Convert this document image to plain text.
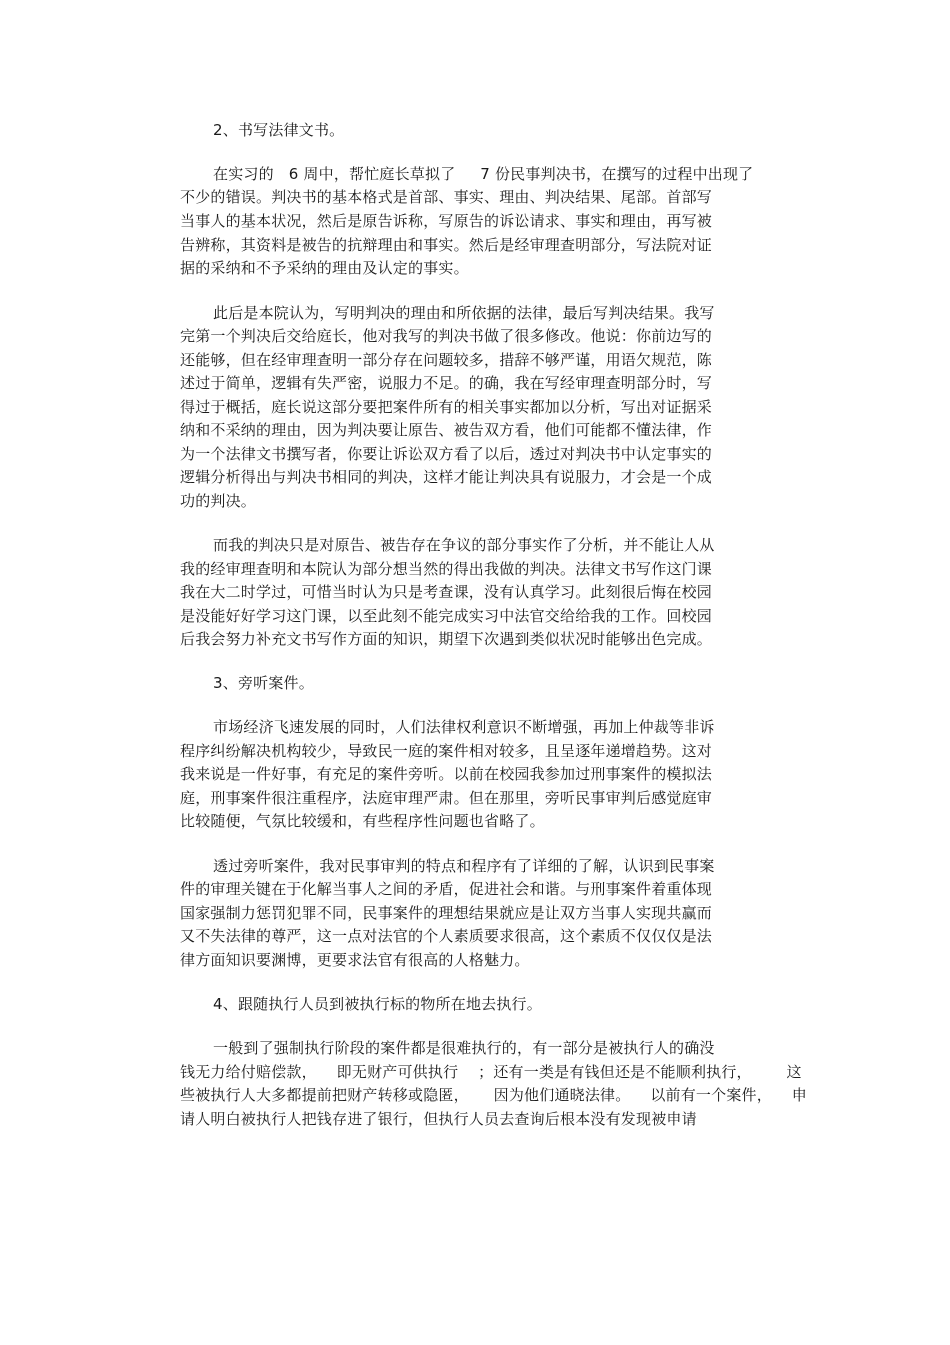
2、书写法律文书。
在实习的   6 周中，帮忙庭长草拟了     7 份民事判决书，在撰写的过程中出现了
不少的错误。判决书的基本格式是首部、事实、理由、判决结果、尾部。首部写
当事人的基本状况，然后是原告诉称，写原告的诉讼请求、事实和理由，再写被
告辨称，其资料是被告的抗辩理由和事实。然后是经审理查明部分，写法院对证
据的采纳和不予采纳的理由及认定的事实。
此后是本院认为，写明判决的理由和所依据的法律，最后写判决结果。我写
完第一个判决后交给庭长，他对我写的判决书做了很多修改。他说：你前边写的
还能够，但在经审理查明一部分存在问题较多，措辞不够严谨，用语欠规范，陈
述过于简单，逻辑有失严密，说服力不足。的确，我在写经审理查明部分时，写
得过于概括，庭长说这部分要把案件所有的相关事实都加以分析，写出对证据采
纳和不采纳的理由，因为判决要让原告、被告双方看，他们可能都不懂法律，作
为一个法律文书撰写者，你要让诉讼双方看了以后，透过对判决书中认定事实的
逻辑分析得出与判决书相同的判决，这样才能让判决具有说服力，才会是一个成
功的判决。
而我的判决只是对原告、被告存在争议的部分事实作了分析，并不能让人从
我的经审理查明和本院认为部分想当然的得出我做的判决。法律文书写作这门课
我在大二时学过，可惜当时认为只是考查课，没有认真学习。此刻很后悔在校园
是没能好好学习这门课，以至此刻不能完成实习中法官交给给我的工作。回校园
后我会努力补充文书写作方面的知识，期望下次遇到类似状况时能够出色完成。
3、旁听案件。
市场经济飞速发展的同时，人们法律权利意识不断增强，再加上仲裁等非诉
程序纠纷解决机构较少，导致民一庭的案件相对较多，且呈逐年递增趋势。这对
我来说是一件好事，有充足的案件旁听。以前在校园我参加过刑事案件的模拟法
庭，刑事案件很注重程序，法庭审理严肃。但在那里，旁听民事审判后感觉庭审
比较随便，气氛比较缓和，有些程序性问题也省略了。
透过旁听案件，我对民事审判的特点和程序有了详细的了解，认识到民事案
件的审理关键在于化解当事人之间的矛盾，促进社会和谐。与刑事案件着重体现
国家强制力惩罚犯罪不同，民事案件的理想结果就应是让双方当事人实现共赢而
又不失法律的尊严，这一点对法官的个人素质要求很高，这个素质不仅仅仅是法
律方面知识要渊博，更要求法官有很高的人格魅力。
4、跟随执行人员到被执行标的物所在地去执行。
一般到了强制执行阶段的案件都是很难执行的，有一部分是被执行人的确没
钱无力给付赔偿款，    即无财产可供执行    ；还有一类是有钱但还是不能顺利执行，       这
些被执行人大多都提前把财产转移或隐匿，     因为他们通晓法律。    以前有一个案件，    申
请人明白被执行人把钱存进了银行，但执行人员去查询后根本没有发现被申请
